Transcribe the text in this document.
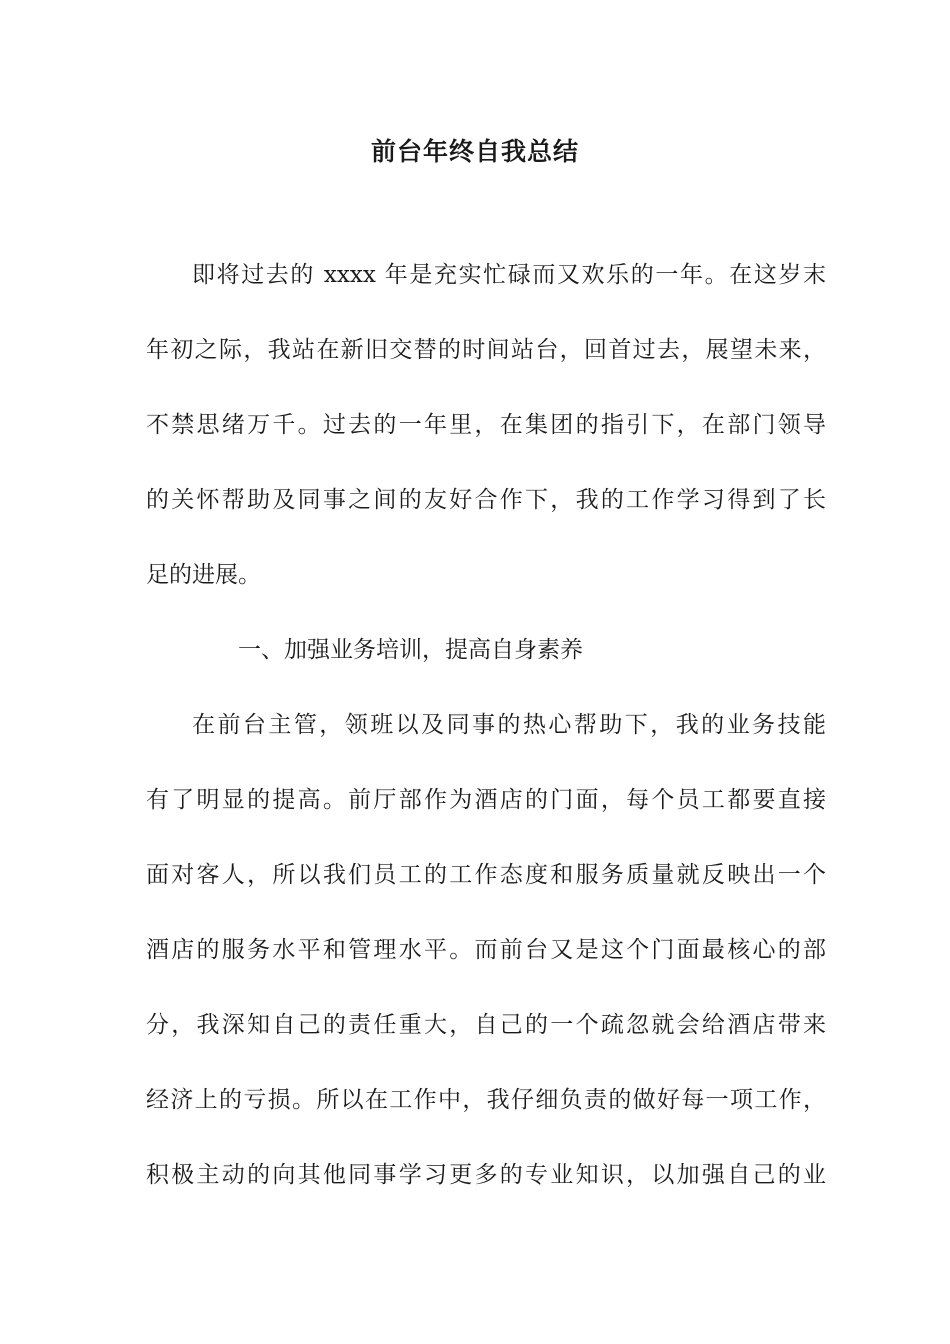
前台年终自我总结
即将过去的 xxxx 年是充实忙碌而又欢乐的一年。在这岁末
年初之际，我站在新旧交替的时间站台，回首过去，展望未来，
不禁思绪万千。过去的一年里，在集团的指引下，在部门领导
的关怀帮助及同事之间的友好合作下，我的工作学习得到了长
足的进展。
一、加强业务培训，提高自身素养
在前台主管，领班以及同事的热心帮助下，我的业务技能
有了明显的提高。前厅部作为酒店的门面，每个员工都要直接
面对客人，所以我们员工的工作态度和服务质量就反映出一个
酒店的服务水平和管理水平。而前台又是这个门面最核心的部
分，我深知自己的责任重大，自己的一个疏忽就会给酒店带来
经济上的亏损。所以在工作中，我仔细负责的做好每一项工作，
积极主动的向其他同事学习更多的专业知识，以加强自己的业
